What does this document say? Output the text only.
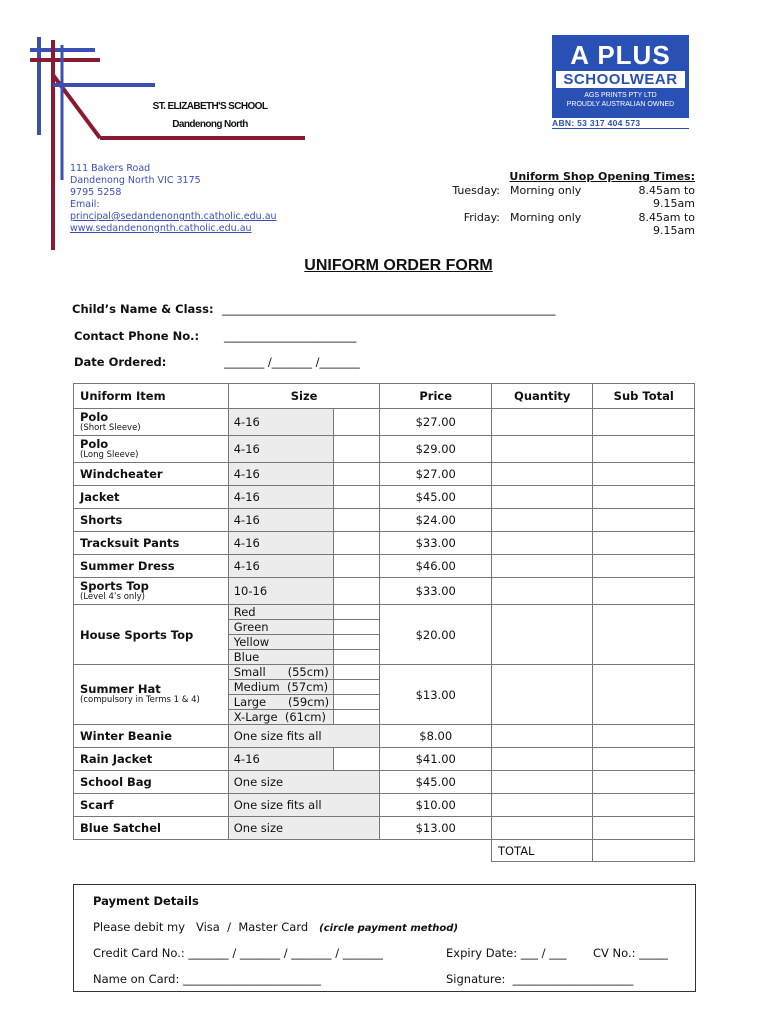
ST. ELIZABETH'S SCHOOL
Dandenong North
111 Bakers Road
Dandenong North VIC 3175
9795 5258
Email:
principal@sedandenongnth.catholic.edu.au
www.sedandenongnth.catholic.edu.au
A PLUS
SCHOOLWEAR
AGS PRINTS PTY LTD
PROUDLY AUSTRALIAN OWNED
ABN: 53 317 404 573
Uniform Shop Opening Times:
Tuesday: Morning only	8.45am to 9.15am
Friday: Morning only	8.45am to 9.15am
UNIFORM ORDER FORM
Child’s Name & Class: __________________________________________________________
Contact Phone No.: _______________________
Date Ordered:	_______ /_______ /_______
Uniform Item	Size		Price	Quantity	Sub Total
Polo
(Short Sleeve)	4-16		$27.00		
Polo
(Long Sleeve)	4-16		$29.00		
Windcheater	4-16		$27.00		
Jacket	4-16		$45.00		
Shorts	4-16		$24.00		
Tracksuit Pants	4-16		$33.00		
Summer Dress	4-16		$46.00		
Sports Top
(Level 4’s only)	10-16		$33.00		
House Sports Top	Red		$20.00		
	Green				
	Yellow				
	Blue				
Summer Hat
(compulsory in Terms 1 & 4)	Small      (55cm)		$13.00		
	Medium  (57cm)				
	Large      (59cm)				
	X-Large  (61cm)				
Winter Beanie	One size fits all		$8.00		
Rain Jacket	4-16		$41.00		
School Bag	One size		$45.00		
Scarf	One size fits all		$10.00		
Blue Satchel	One size		$13.00		
				TOTAL	
Payment Details
Please debit my   Visa  /  Master Card   (circle payment method)
Credit Card No.: _______ / _______ / _______ / _______	Expiry Date: ___ / ___ CV No.: _____
Name on Card: ________________________	Signature:  _____________________
